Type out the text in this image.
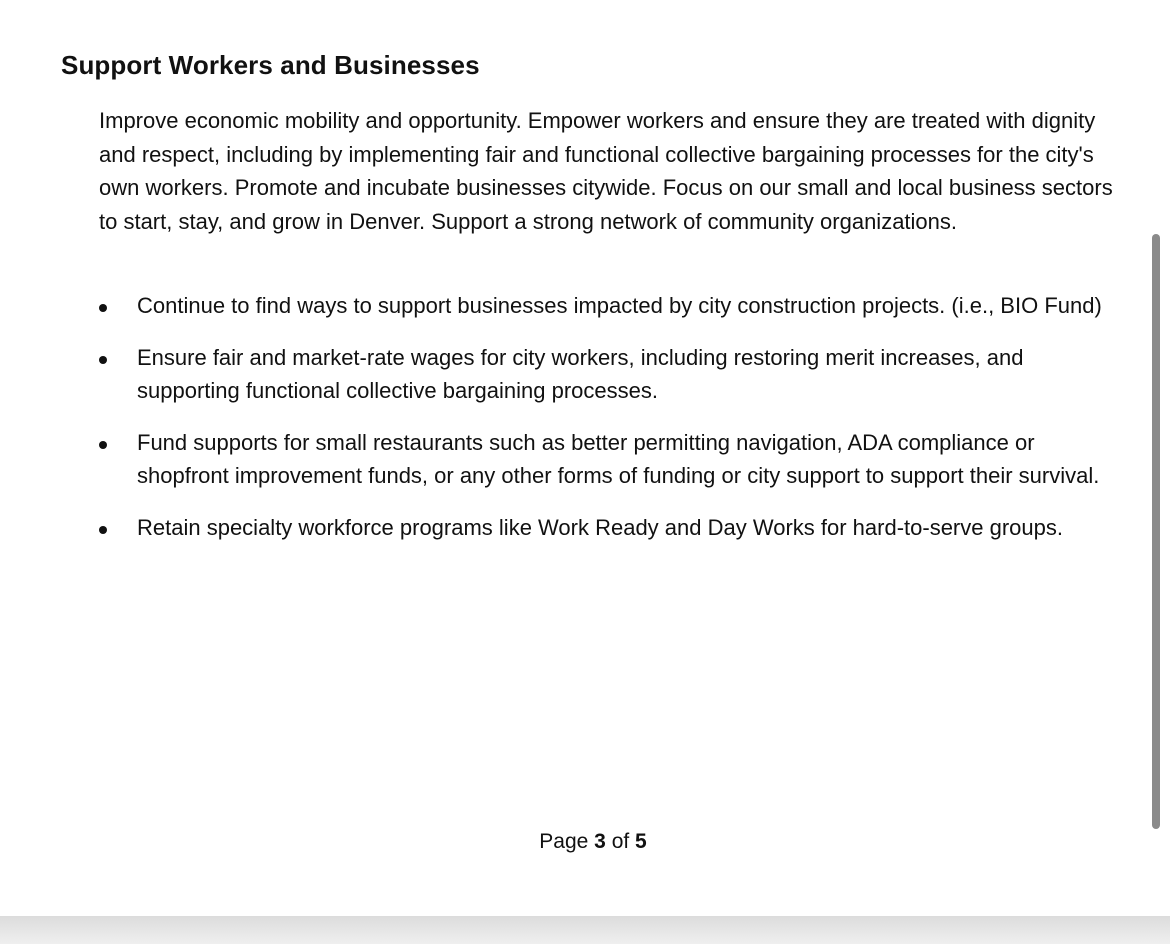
Support Workers and Businesses

Improve economic mobility and opportunity. Empower workers and ensure they are treated with dignity and respect, including by implementing fair and functional collective bargaining processes for the city's own workers. Promote and incubate businesses citywide. Focus on our small and local business sectors to start, stay, and grow in Denver. Support a strong network of community organizations.

Continue to find ways to support businesses impacted by city construction projects. (i.e., BIO Fund)
Ensure fair and market-rate wages for city workers, including restoring merit increases, and supporting functional collective bargaining processes.
Fund supports for small restaurants such as better permitting navigation, ADA compliance or shopfront improvement funds, or any other forms of funding or city support to support their survival.
Retain specialty workforce programs like Work Ready and Day Works for hard-to-serve groups.
Page 3 of 5
